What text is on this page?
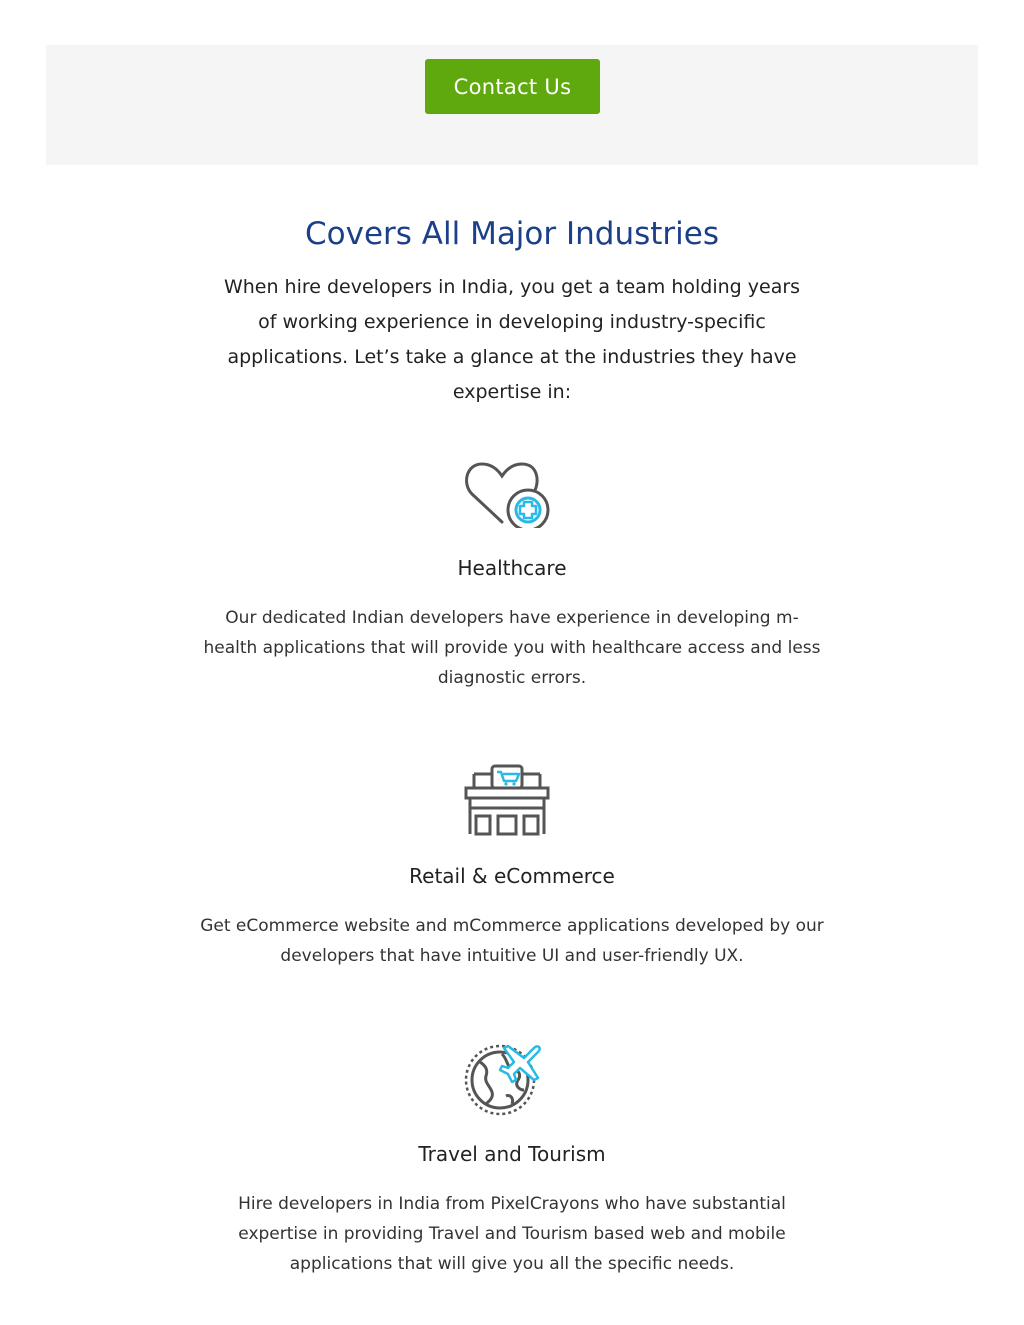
Contact Us
Covers All Major Industries

When hire developers in India, you get a team holding years of working experience in developing industry-specific applications. Let’s take a glance at the industries they have expertise in:

Healthcare

Our dedicated Indian developers have experience in developing m-health applications that will provide you with healthcare access and less diagnostic errors.

Retail & eCommerce

Get eCommerce website and mCommerce applications developed by our developers that have intuitive UI and user-friendly UX.

Travel and Tourism

Hire developers in India from PixelCrayons who have substantial expertise in providing Travel and Tourism based web and mobile applications that will give you all the specific needs.
